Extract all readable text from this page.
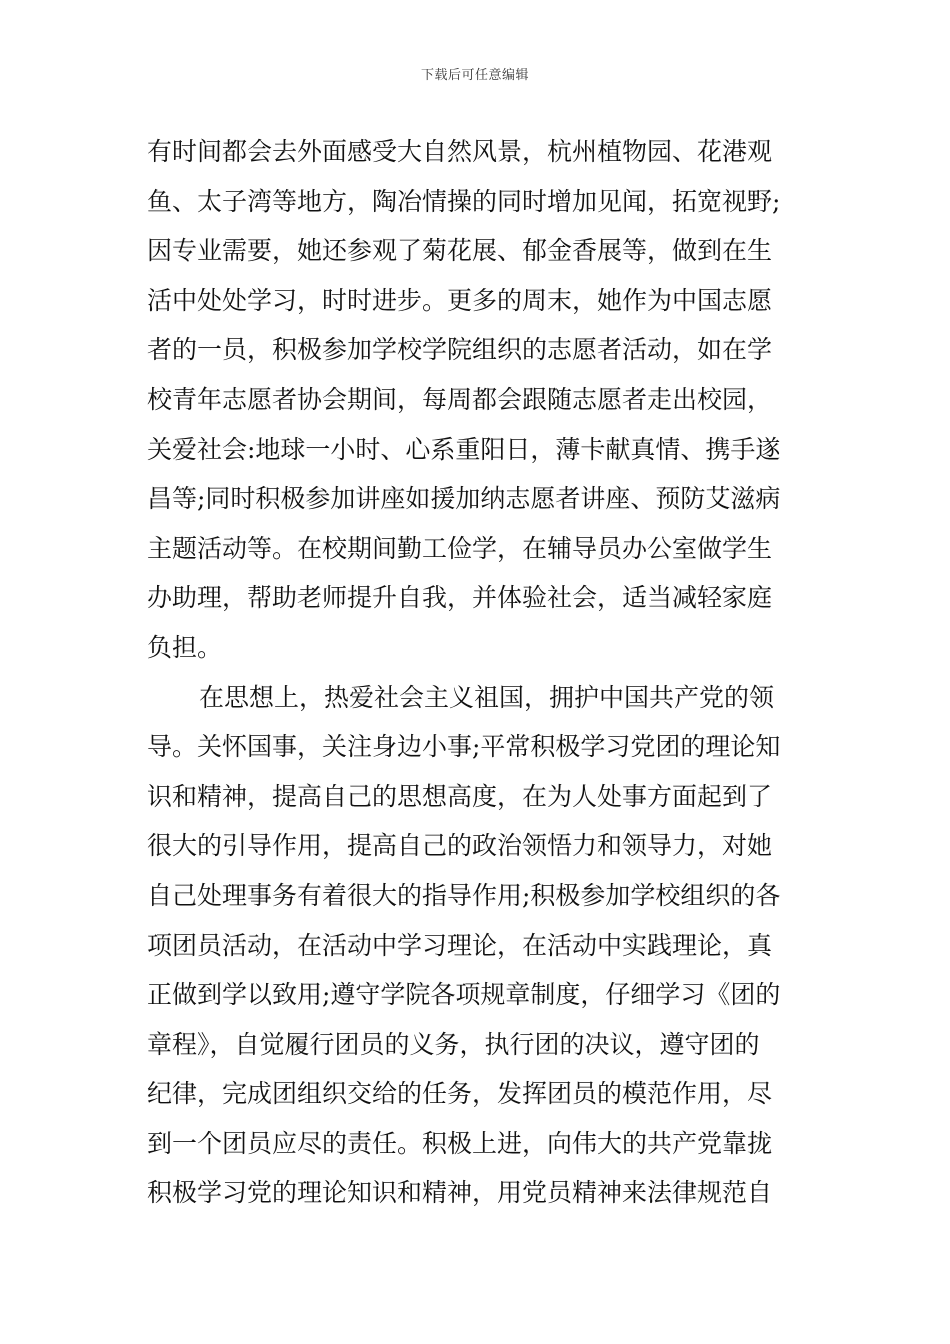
下载后可任意编辑
有时间都会去外面感受大自然风景，杭州植物园、花港观
鱼、太子湾等地方，陶冶情操的同时增加见闻，拓宽视野;
因专业需要，她还参观了菊花展、郁金香展等，做到在生
活中处处学习，时时进步。更多的周末，她作为中国志愿
者的一员，积极参加学校学院组织的志愿者活动，如在学
校青年志愿者协会期间，每周都会跟随志愿者走出校园，
关爱社会:地球一小时、心系重阳日，薄卡献真情、携手遂
昌等;同时积极参加讲座如援加纳志愿者讲座、预防艾滋病
主题活动等。在校期间勤工俭学，在辅导员办公室做学生
办助理，帮助老师提升自我，并体验社会，适当减轻家庭
负担。
在思想上，热爱社会主义祖国，拥护中国共产党的领
导。关怀国事，关注身边小事;平常积极学习党团的理论知
识和精神，提高自己的思想高度，在为人处事方面起到了
很大的引导作用，提高自己的政治领悟力和领导力，对她
自己处理事务有着很大的指导作用;积极参加学校组织的各
项团员活动，在活动中学习理论，在活动中实践理论，真
正做到学以致用;遵守学院各项规章制度，仔细学习《团的
章程》，自觉履行团员的义务，执行团的决议，遵守团的
纪律，完成团组织交给的任务，发挥团员的模范作用，尽
到一个团员应尽的责任。积极上进，向伟大的共产党靠拢
积极学习党的理论知识和精神，用党员精神来法律规范自
